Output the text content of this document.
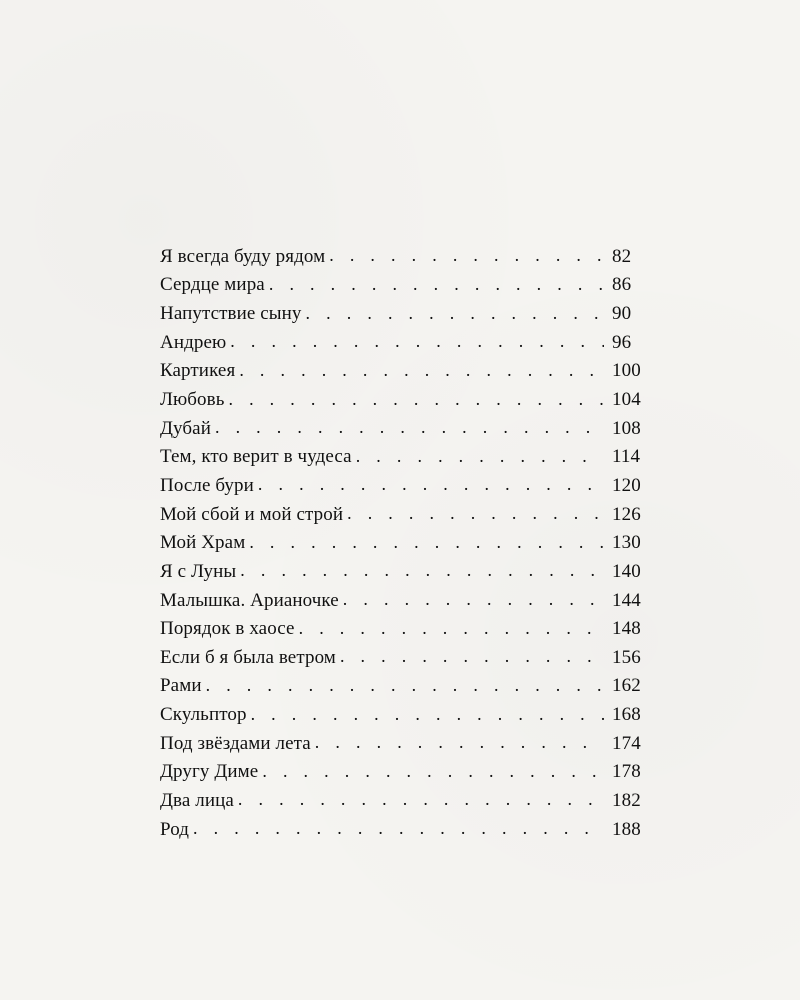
Я всегда буду рядом . . .	82
Сердце мира . . .	86
Напутствие сыну . . .	90
Андрею . . .	96
Картикея . . .	100
Любовь . . .	104
Дубай . . .	108
Тем, кто верит в чудеса . . .	114
После бури . . .	120
Мой сбой и мой строй . . .	126
Мой Храм . . .	130
Я с Луны . . .	140
Малышка. Арианочке . . .	144
Порядок в хаосе . . .	148
Если б я была ветром . . .	156
Рами . . .	162
Скульптор . . .	168
Под звёздами лета . . .	174
Другу Диме . . .	178
Два лица . . .	182
Род . . .	188
